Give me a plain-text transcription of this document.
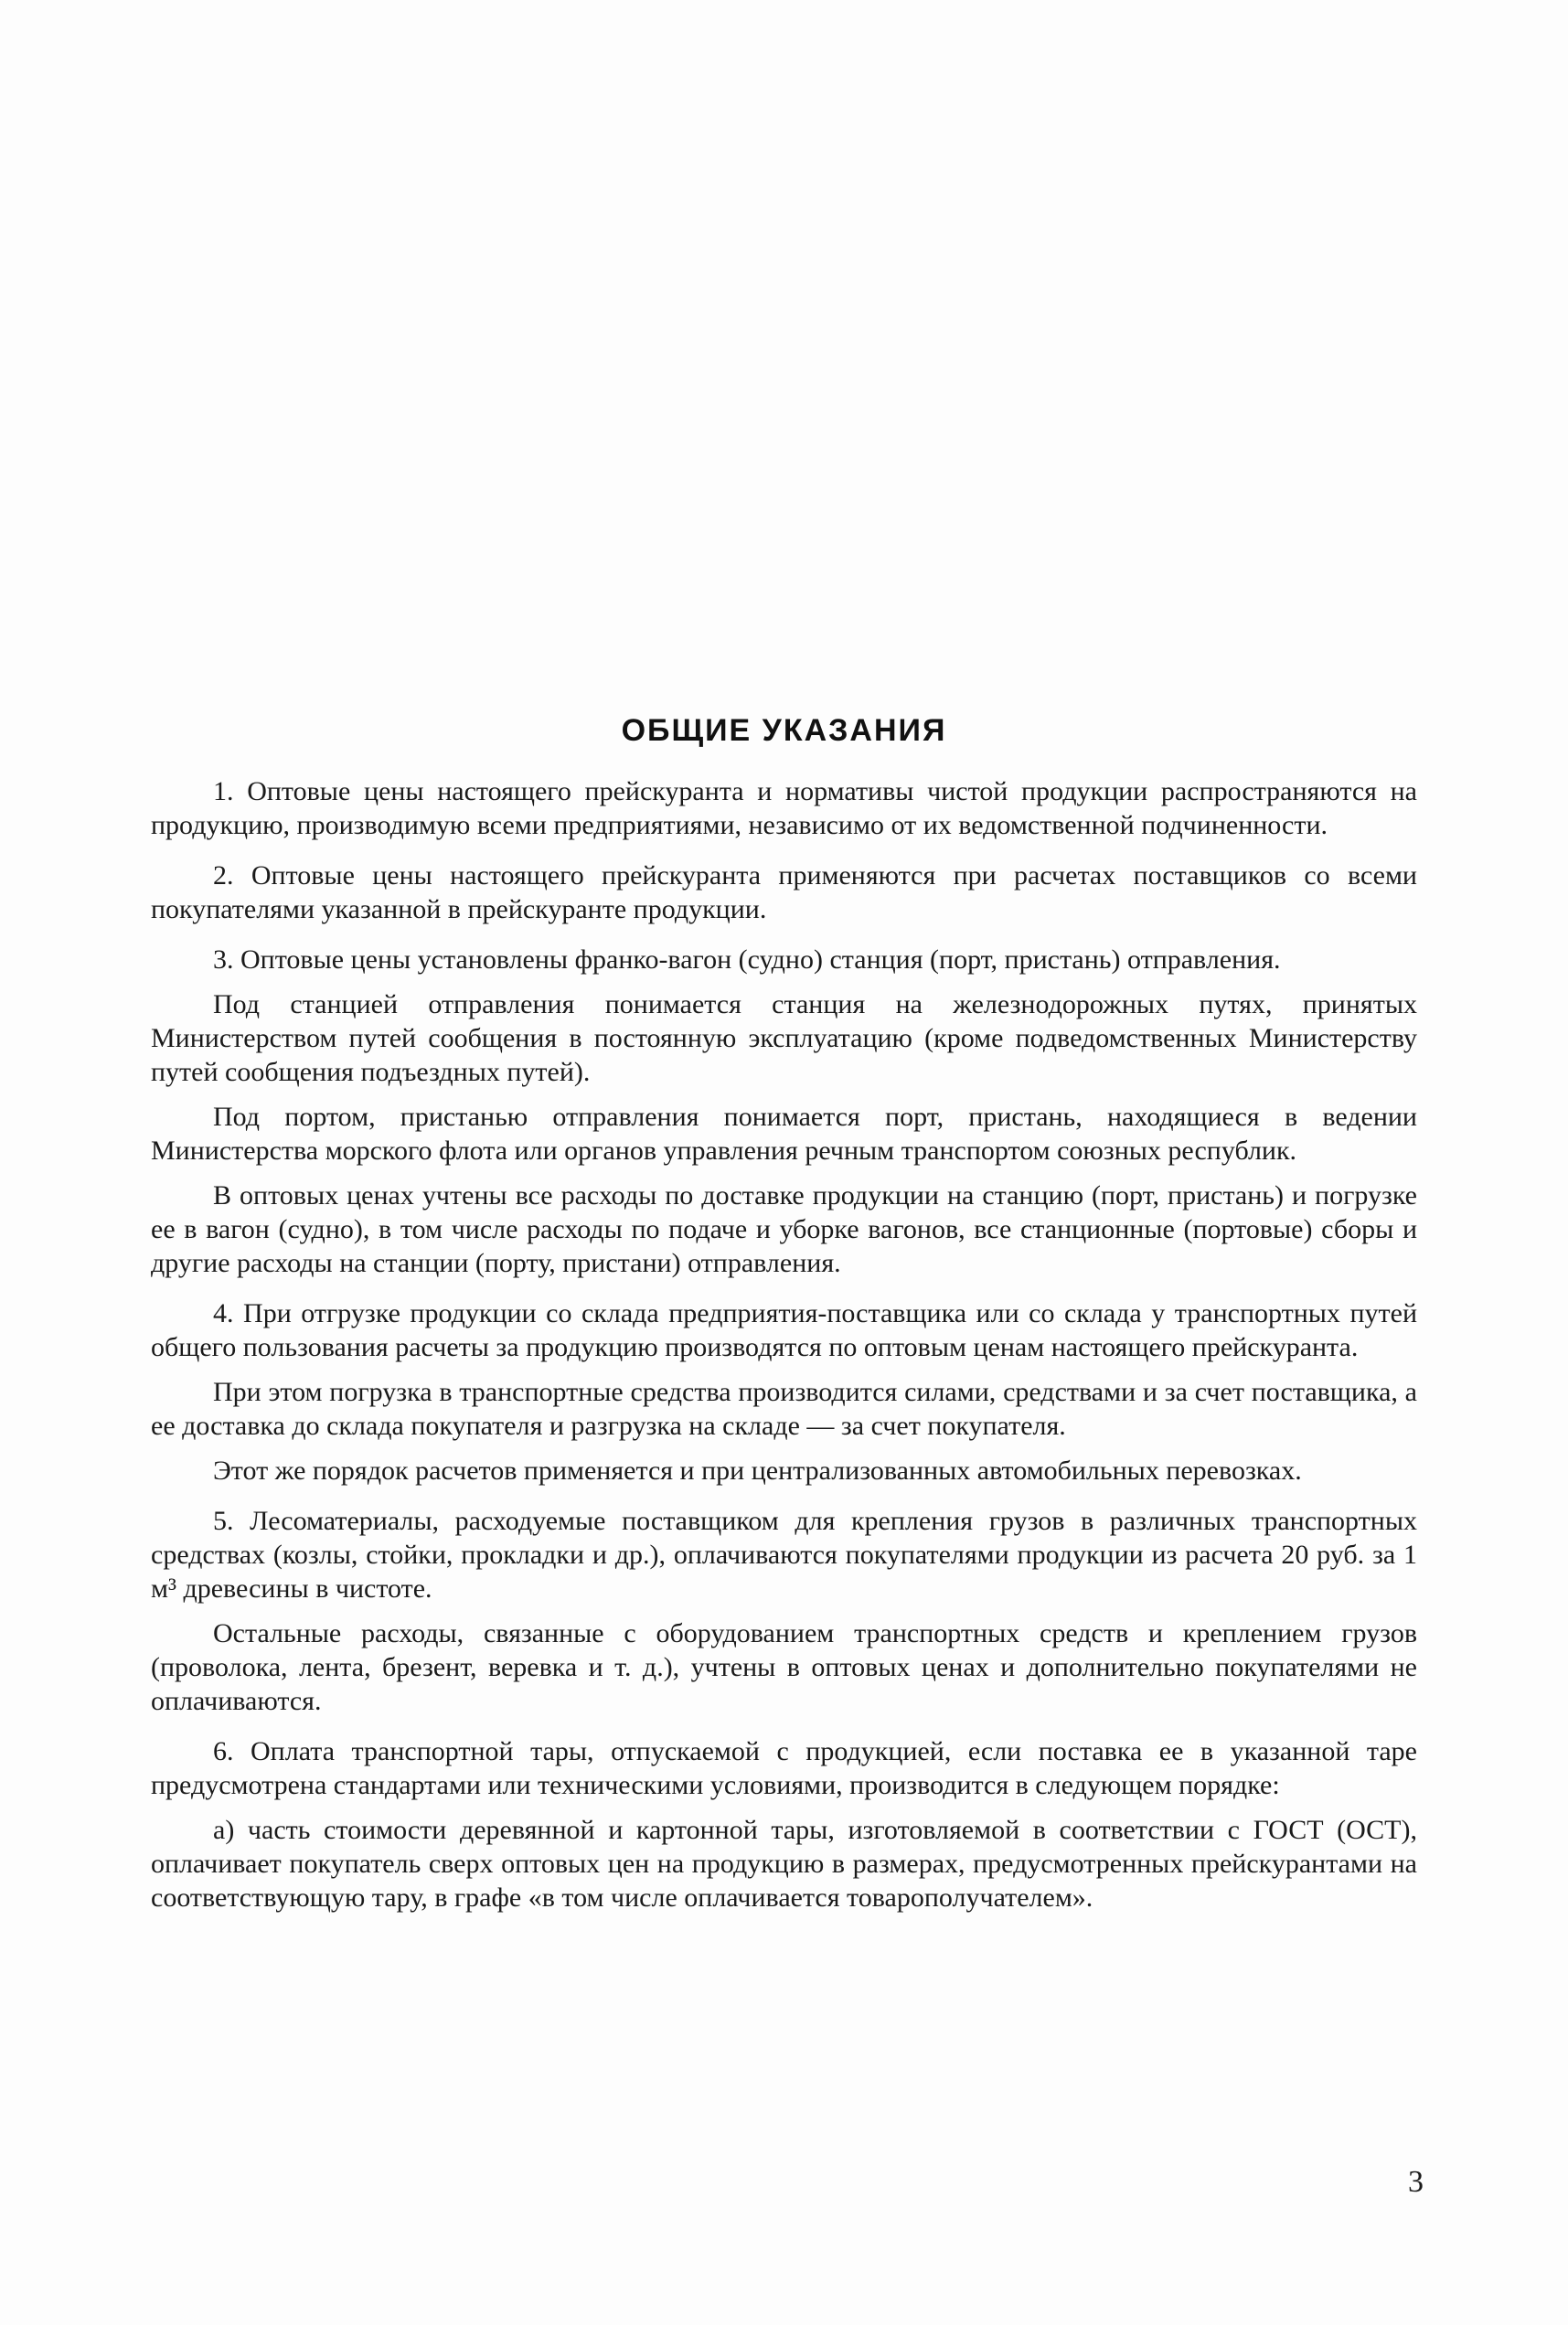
ОБЩИЕ УКАЗАНИЯ

1. Оптовые цены настоящего прейскуранта и нормативы чистой продукции распространяются на продукцию, производимую всеми предприятиями, независимо от их ведомственной подчиненности.

2. Оптовые цены настоящего прейскуранта применяются при расчетах поставщиков со всеми покупателями указанной в прейскуранте продукции.

3. Оптовые цены установлены франко-вагон (судно) станция (порт, пристань) отправления.

Под станцией отправления понимается станция на железнодорожных путях, принятых Министерством путей сообщения в постоянную эксплуатацию (кроме подведомственных Министерству путей сообщения подъездных путей).

Под портом, пристанью отправления понимается порт, пристань, находящиеся в ведении Министерства морского флота или органов управления речным транспортом союзных республик.

В оптовых ценах учтены все расходы по доставке продукции на станцию (порт, пристань) и погрузке ее в вагон (судно), в том числе расходы по подаче и уборке вагонов, все станционные (портовые) сборы и другие расходы на станции (порту, пристани) отправления.

4. При отгрузке продукции со склада предприятия-поставщика или со склада у транспортных путей общего пользования расчеты за продукцию производятся по оптовым ценам настоящего прейскуранта.

При этом погрузка в транспортные средства производится силами, средствами и за счет поставщика, а ее доставка до склада покупателя и разгрузка на складе — за счет покупателя.

Этот же порядок расчетов применяется и при централизованных автомобильных перевозках.

5. Лесоматериалы, расходуемые поставщиком для крепления грузов в различных транспортных средствах (козлы, стойки, прокладки и др.), оплачиваются покупателями продукции из расчета 20 руб. за 1 м³ древесины в чистоте.

Остальные расходы, связанные с оборудованием транспортных средств и креплением грузов (проволока, лента, брезент, веревка и т. д.), учтены в оптовых ценах и дополнительно покупателями не оплачиваются.

6. Оплата транспортной тары, отпускаемой с продукцией, если поставка ее в указанной таре предусмотрена стандартами или техническими условиями, производится в следующем порядке:

а) часть стоимости деревянной и картонной тары, изготовляемой в соответствии с ГОСТ (ОСТ), оплачивает покупатель сверх оптовых цен на продукцию в размерах, предусмотренных прейскурантами на соответствующую тару, в графе «в том числе оплачивается товарополучателем».

3
